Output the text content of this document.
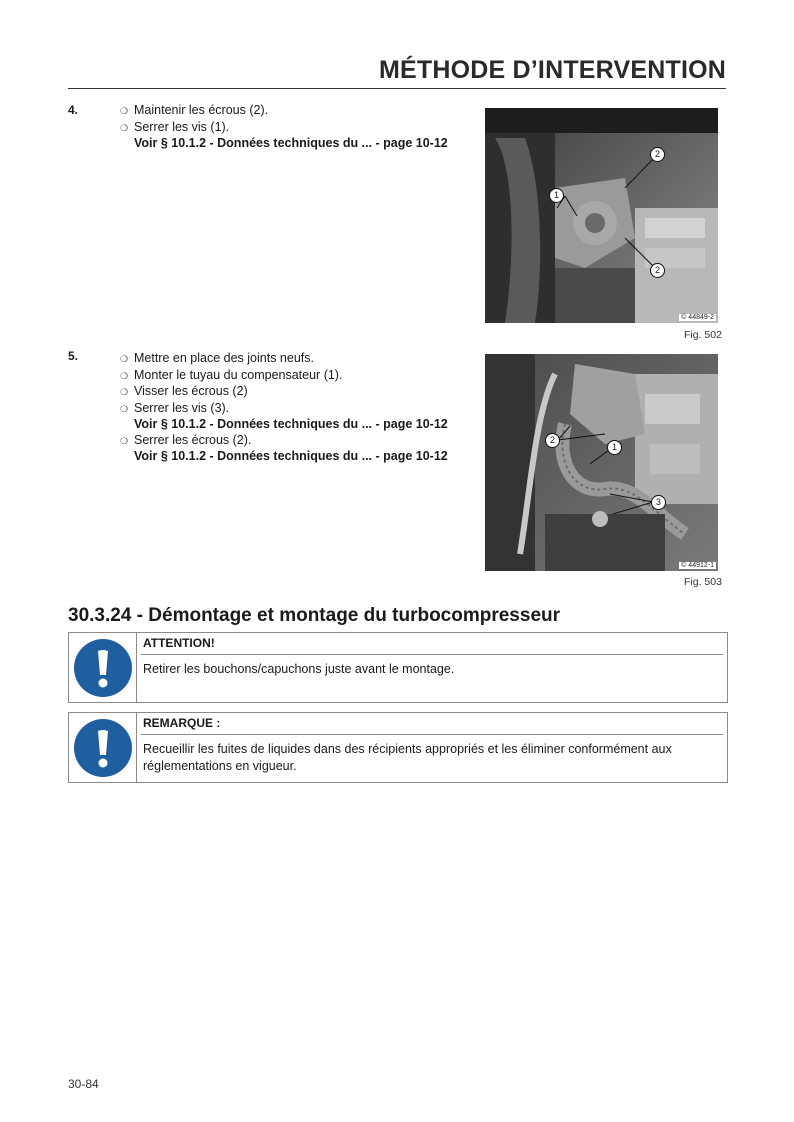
MÉTHODE D’INTERVENTION
4.	❍ Maintenir les écrous (2).
❍ Serrer les vis (1).
Voir § 10.1.2 - Données techniques du ... - page 10-12
2
1
2
© 44849-2
Fig. 502
5.	❍ Mettre en place des joints neufs.
❍ Monter le tuyau du compensateur (1).
❍ Visser les écrous (2)
❍ Serrer les vis (3).
Voir § 10.1.2 - Données techniques du ... - page 10-12
❍ Serrer les écrous (2).
Voir § 10.1.2 - Données techniques du ... - page 10-12
2
1
3
© 44912-1
Fig. 503
30.3.24 - Démontage et montage du turbocompresseur
ATTENTION!
Retirer les bouchons/capuchons juste avant le montage.
REMARQUE :
Recueillir les fuites de liquides dans des récipients appropriés et les éliminer conformément aux réglementations en vigueur.
30-84
